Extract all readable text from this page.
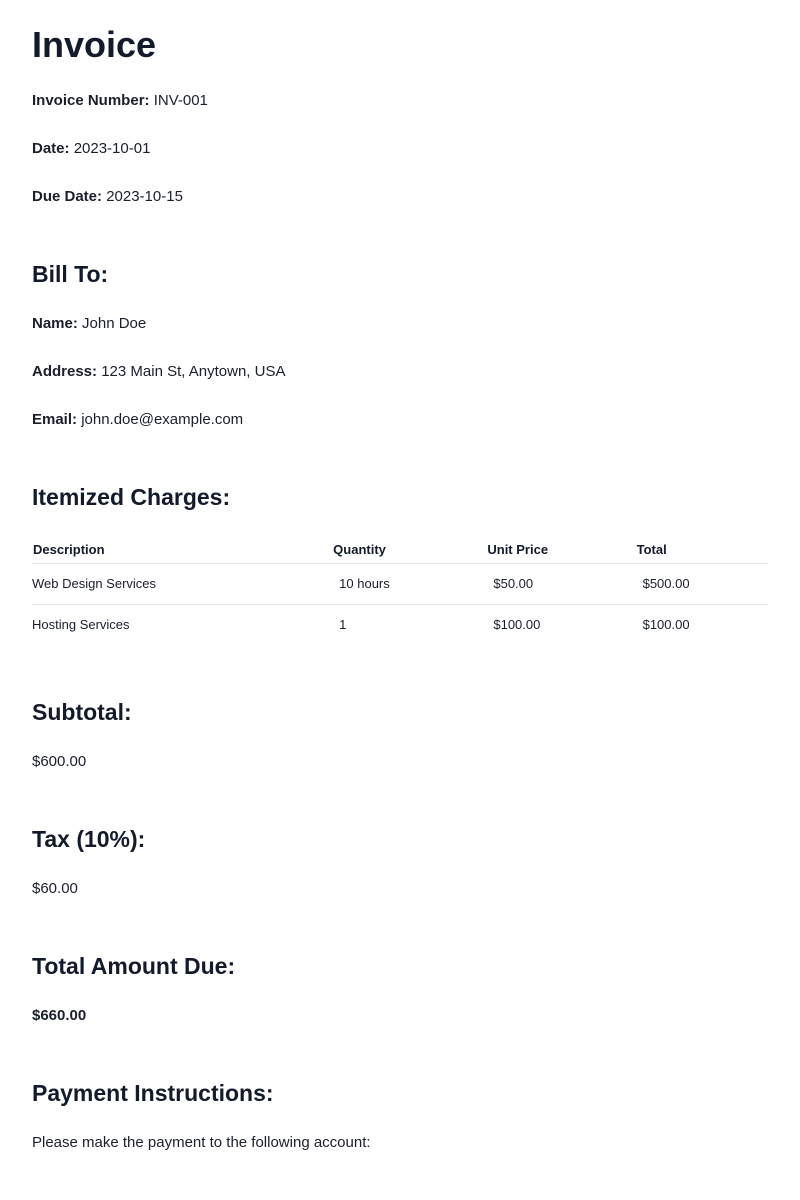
Invoice

Invoice Number: INV-001

Date: 2023-10-01

Due Date: 2023-10-15

Bill To:

Name: John Doe

Address: 123 Main St, Anytown, USA

Email: john.doe@example.com

Itemized Charges:
Description	Quantity	Unit Price	Total
Web Design Services	10 hours	$50.00	$500.00
Hosting Services	1	$100.00	$100.00
Subtotal:

$600.00

Tax (10%):

$60.00

Total Amount Due:

$660.00

Payment Instructions:

Please make the payment to the following account:
